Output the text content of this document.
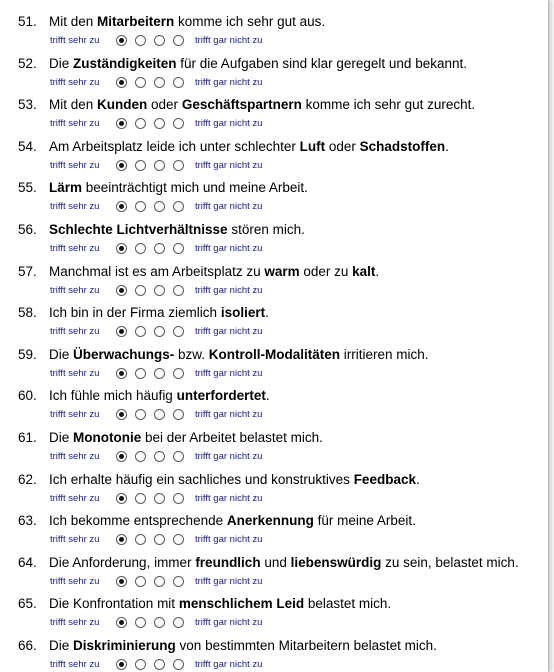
51. Mit den Mitarbeitern komme ich sehr gut aus.
trifft sehr zu	trifft gar nicht zu
52. Die Zuständigkeiten für die Aufgaben sind klar geregelt und bekannt.
trifft sehr zu	trifft gar nicht zu
53. Mit den Kunden oder Geschäftspartnern komme ich sehr gut zurecht.
trifft sehr zu	trifft gar nicht zu
54. Am Arbeitsplatz leide ich unter schlechter Luft oder Schadstoffen.
trifft sehr zu	trifft gar nicht zu
55. Lärm beeinträchtigt mich und meine Arbeit.
trifft sehr zu	trifft gar nicht zu
56. Schlechte Lichtverhältnisse stören mich.
trifft sehr zu	trifft gar nicht zu
57. Manchmal ist es am Arbeitsplatz zu warm oder zu kalt.
trifft sehr zu	trifft gar nicht zu
58. Ich bin in der Firma ziemlich isoliert.
trifft sehr zu	trifft gar nicht zu
59. Die Überwachungs- bzw. Kontroll-Modalitäten irritieren mich.
trifft sehr zu	trifft gar nicht zu
60. Ich fühle mich häufig unterfordertet.
trifft sehr zu	trifft gar nicht zu
61. Die Monotonie bei der Arbeitet belastet mich.
trifft sehr zu	trifft gar nicht zu
62. Ich erhalte häufig ein sachliches und konstruktives Feedback.
trifft sehr zu	trifft gar nicht zu
63. Ich bekomme entsprechende Anerkennung für meine Arbeit.
trifft sehr zu	trifft gar nicht zu
64. Die Anforderung, immer freundlich und liebenswürdig zu sein, belastet mich.
trifft sehr zu	trifft gar nicht zu
65. Die Konfrontation mit menschlichem Leid belastet mich.
trifft sehr zu	trifft gar nicht zu
66. Die Diskriminierung von bestimmten Mitarbeitern belastet mich.
trifft sehr zu	trifft gar nicht zu
